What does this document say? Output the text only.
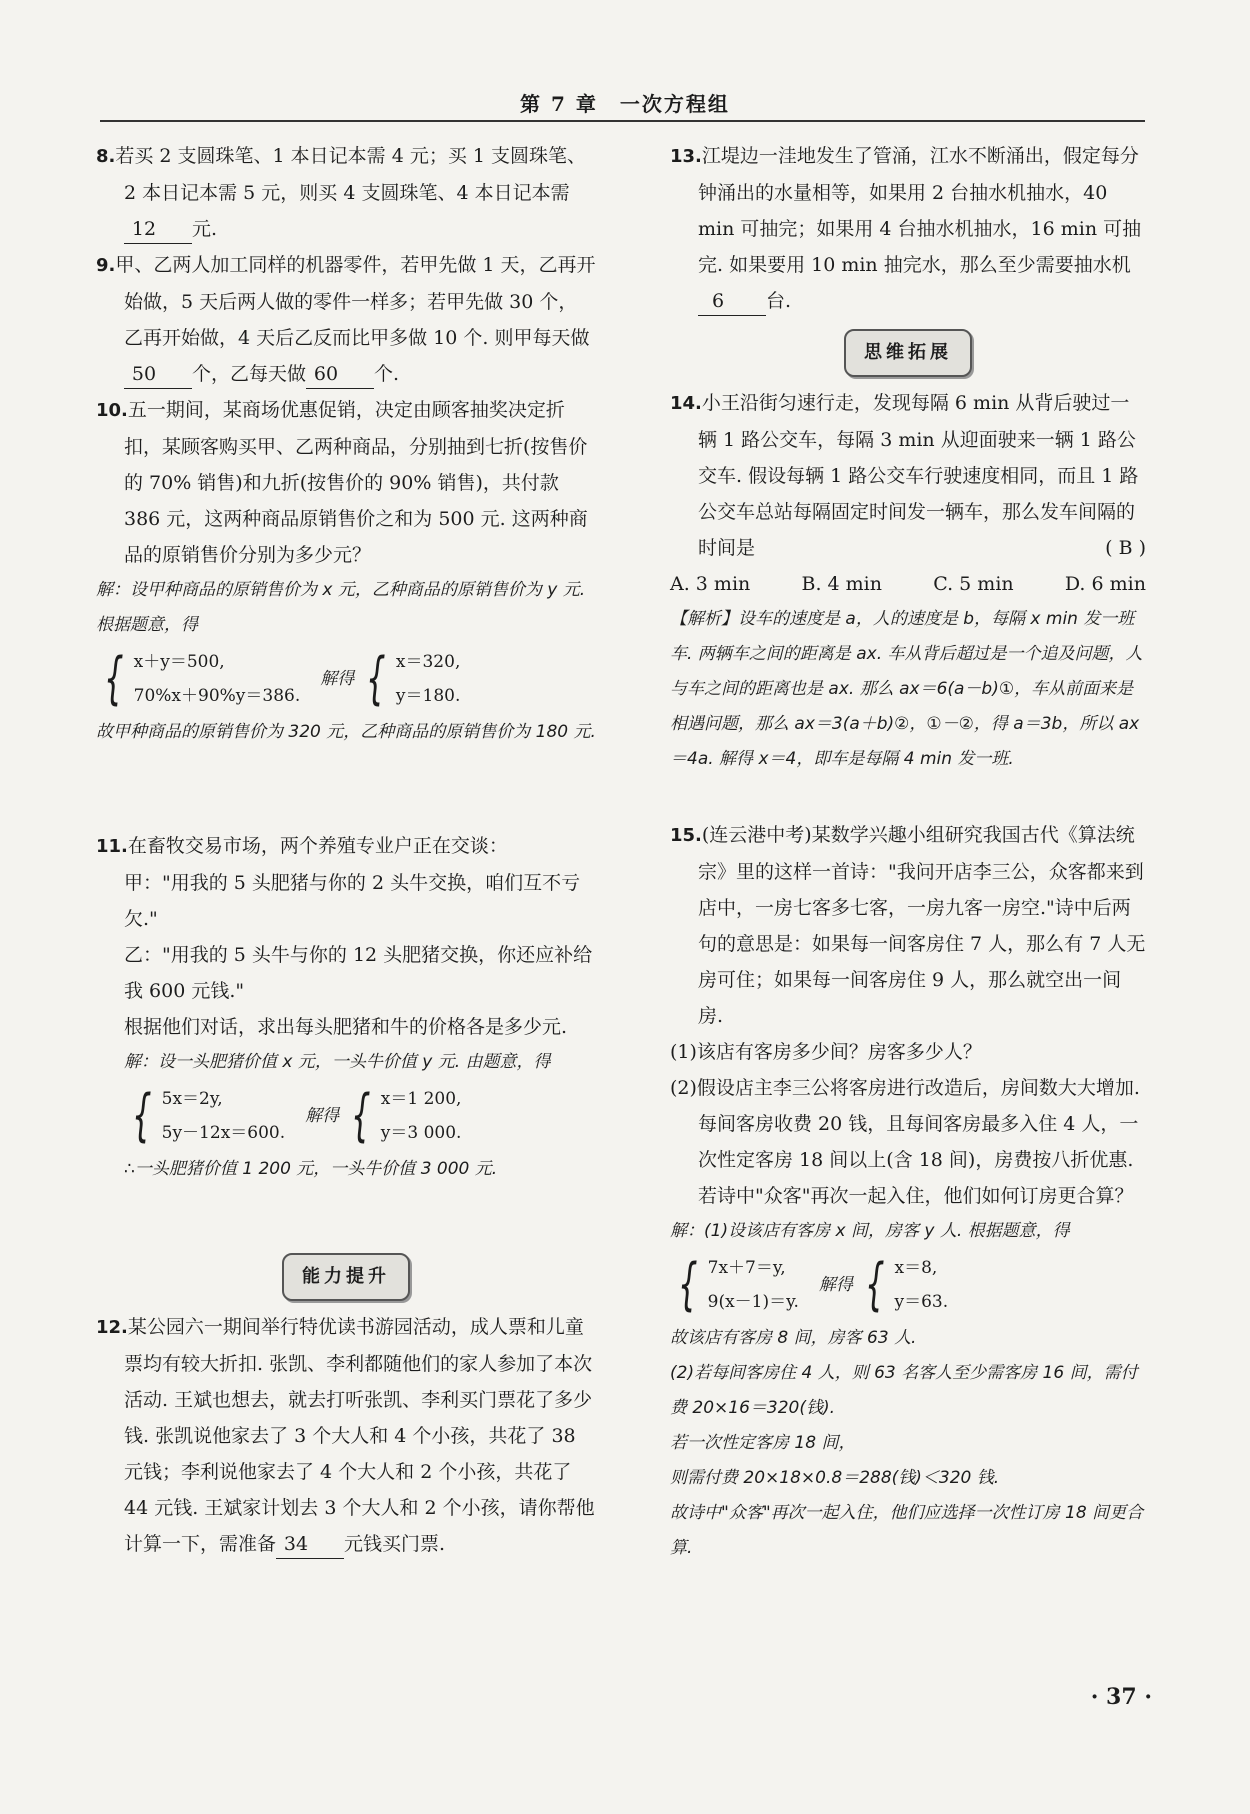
第 7 章　一次方程组

8.若买 2 支圆珠笔、1 本日记本需 4 元；买 1 支圆珠笔、2 本日记本需 5 元，则买 4 支圆珠笔、4 本日记本需 12 元.

9.甲、乙两人加工同样的机器零件，若甲先做 1 天，乙再开始做，5 天后两人做的零件一样多；若甲先做 30 个，乙再开始做，4 天后乙反而比甲多做 10 个. 则甲每天做50 个，乙每天做 60 个.

10.五一期间，某商场优惠促销，决定由顾客抽奖决定折扣，某顾客购买甲、乙两种商品，分别抽到七折(按售价的 70% 销售)和九折(按售价的 90% 销售)，共付款 386 元，这两种商品原销售价之和为 500 元. 这两种商品的原销售价分别为多少元？

解：设甲种商品的原销售价为 x 元，乙种商品的原销售价为 y 元. 根据题意，得
{ x＋y＝500,
70%x＋90%y＝386.
解得 { x＝320,
y＝180.
故甲种商品的原销售价为 320 元，乙种商品的原销售价为 180 元.

11.在畜牧交易市场，两个养殖专业户正在交谈：

甲："用我的 5 头肥猪与你的 2 头牛交换，咱们互不亏欠."
乙："用我的 5 头牛与你的 12 头肥猪交换，你还应补给我 600 元钱."
根据他们对话，求出每头肥猪和牛的价格各是多少元.
解：设一头肥猪价值 x 元，一头牛价值 y 元. 由题意，得
{ 5x＝2y,
5y－12x＝600.
解得 { x＝1 200,
y＝3 000.
∴一头肥猪价值 1 200 元，一头牛价值 3 000 元.
能力提升

12.某公园六一期间举行特优读书游园活动，成人票和儿童票均有较大折扣. 张凯、李利都随他们的家人参加了本次活动. 王斌也想去，就去打听张凯、李利买门票花了多少钱. 张凯说他家去了 3 个大人和 4 个小孩，共花了 38 元钱；李利说他家去了 4 个大人和 2 个小孩，共花了 44 元钱. 王斌家计划去 3 个大人和 2 个小孩，请你帮他计算一下，需准备 34 元钱买门票.

13.江堤边一洼地发生了管涌，江水不断涌出，假定每分钟涌出的水量相等，如果用 2 台抽水机抽水，40 min 可抽完；如果用 4 台抽水机抽水，16 min 可抽完. 如果要用 10 min 抽完水，那么至少需要抽水机6 台.

思维拓展

14.小王沿街匀速行走，发现每隔 6 min 从背后驶过一辆 1 路公交车，每隔 3 min 从迎面驶来一辆 1 路公交车. 假设每辆 1 路公交车行驶速度相同，而且 1 路公交车总站每隔固定时间发一辆车，那么发车间隔的时间是	( B )

A. 3 min	B. 4 min	C. 5 min	D. 6 min
【解析】设车的速度是 a，人的速度是 b，每隔 x min 发一班车. 两辆车之间的距离是 ax. 车从背后超过是一个追及问题，人与车之间的距离也是 ax. 那么 ax＝6(a－b)①，车从前面来是相遇问题，那么 ax＝3(a＋b)②，①－②，得 a＝3b，所以 ax＝4a. 解得 x＝4，即车是每隔 4 min 发一班.

15.(连云港中考)某数学兴趣小组研究我国古代《算法统宗》里的这样一首诗："我问开店李三公，众客都来到店中，一房七客多七客，一房九客一房空."诗中后两句的意思是：如果每一间客房住 7 人，那么有 7 人无房可住；如果每一间客房住 9 人，那么就空出一间房.

(1)该店有客房多少间？房客多少人？
(2)假设店主李三公将客房进行改造后，房间数大大增加. 每间客房收费 20 钱，且每间客房最多入住 4 人，一次性定客房 18 间以上(含 18 间)，房费按八折优惠. 若诗中"众客"再次一起入住，他们如何订房更合算？
解：(1)设该店有客房 x 间，房客 y 人. 根据题意，得
{ 7x＋7＝y,
9(x－1)＝y.
解得 { x＝8,
y＝63.
故该店有客房 8 间，房客 63 人.
(2)若每间客房住 4 人，则 63 名客人至少需客房 16 间，需付费 20×16＝320(钱).
若一次性定客房 18 间，
则需付费 20×18×0.8＝288(钱)＜320 钱.
故诗中"众客"再次一起入住，他们应选择一次性订房 18 间更合算.
· 37 ·
